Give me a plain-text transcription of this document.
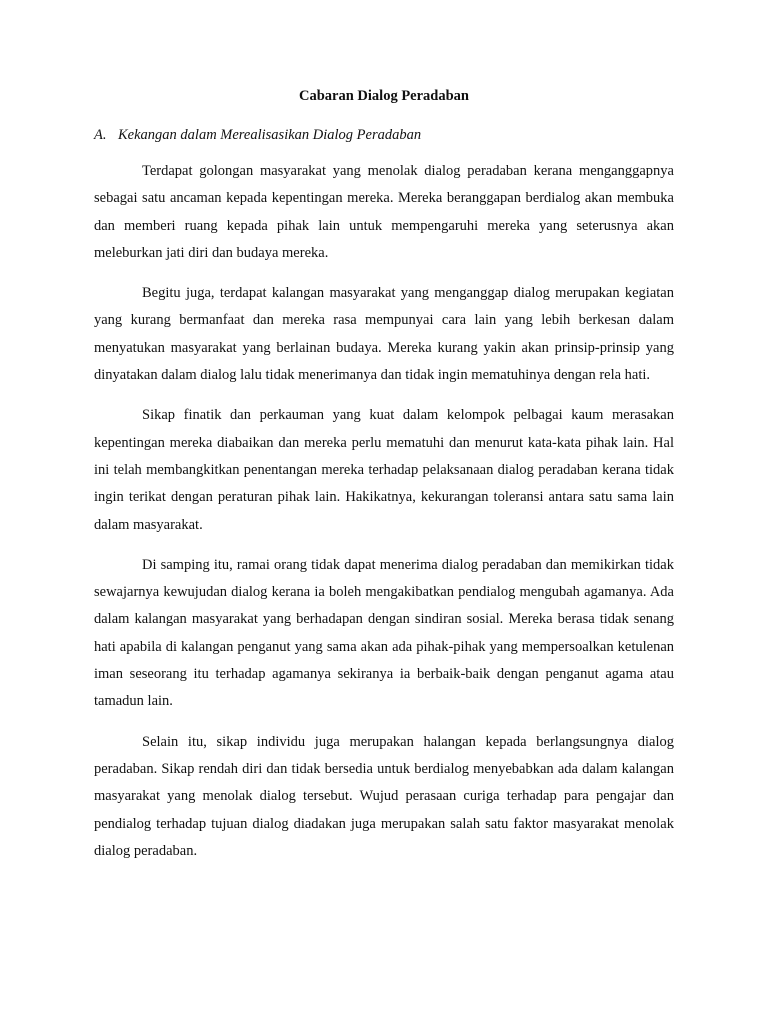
Cabaran Dialog Peradaban
A. Kekangan dalam Merealisasikan Dialog Peradaban

Terdapat golongan masyarakat yang menolak dialog peradaban kerana menganggapnya sebagai satu ancaman kepada kepentingan mereka. Mereka beranggapan berdialog akan membuka dan memberi ruang kepada pihak lain untuk mempengaruhi mereka yang seterusnya akan meleburkan jati diri dan budaya mereka.

Begitu juga, terdapat kalangan masyarakat yang menganggap dialog merupakan kegiatan yang kurang bermanfaat dan mereka rasa mempunyai cara lain yang lebih berkesan dalam menyatukan masyarakat yang berlainan budaya. Mereka kurang yakin akan prinsip-prinsip yang dinyatakan dalam dialog lalu tidak menerimanya dan tidak ingin mematuhinya dengan rela hati.

Sikap finatik dan perkauman yang kuat dalam kelompok pelbagai kaum merasakan kepentingan mereka diabaikan dan mereka perlu mematuhi dan menurut kata-kata pihak lain. Hal ini telah membangkitkan penentangan mereka terhadap pelaksanaan dialog peradaban kerana tidak ingin terikat dengan peraturan pihak lain. Hakikatnya, kekurangan toleransi antara satu sama lain dalam masyarakat.

Di samping itu, ramai orang tidak dapat menerima dialog peradaban dan memikirkan tidak sewajarnya kewujudan dialog kerana ia boleh mengakibatkan pendialog mengubah agamanya. Ada dalam kalangan masyarakat yang berhadapan dengan sindiran sosial. Mereka berasa tidak senang hati apabila di kalangan penganut yang sama akan ada pihak-pihak yang mempersoalkan ketulenan iman seseorang itu terhadap agamanya sekiranya ia berbaik-baik dengan penganut agama atau tamadun lain.

Selain itu, sikap individu juga merupakan halangan kepada berlangsungnya dialog peradaban. Sikap rendah diri dan tidak bersedia untuk berdialog menyebabkan ada dalam kalangan masyarakat yang menolak dialog tersebut. Wujud perasaan curiga terhadap para pengajar dan pendialog terhadap tujuan dialog diadakan juga merupakan salah satu faktor masyarakat menolak dialog peradaban.
